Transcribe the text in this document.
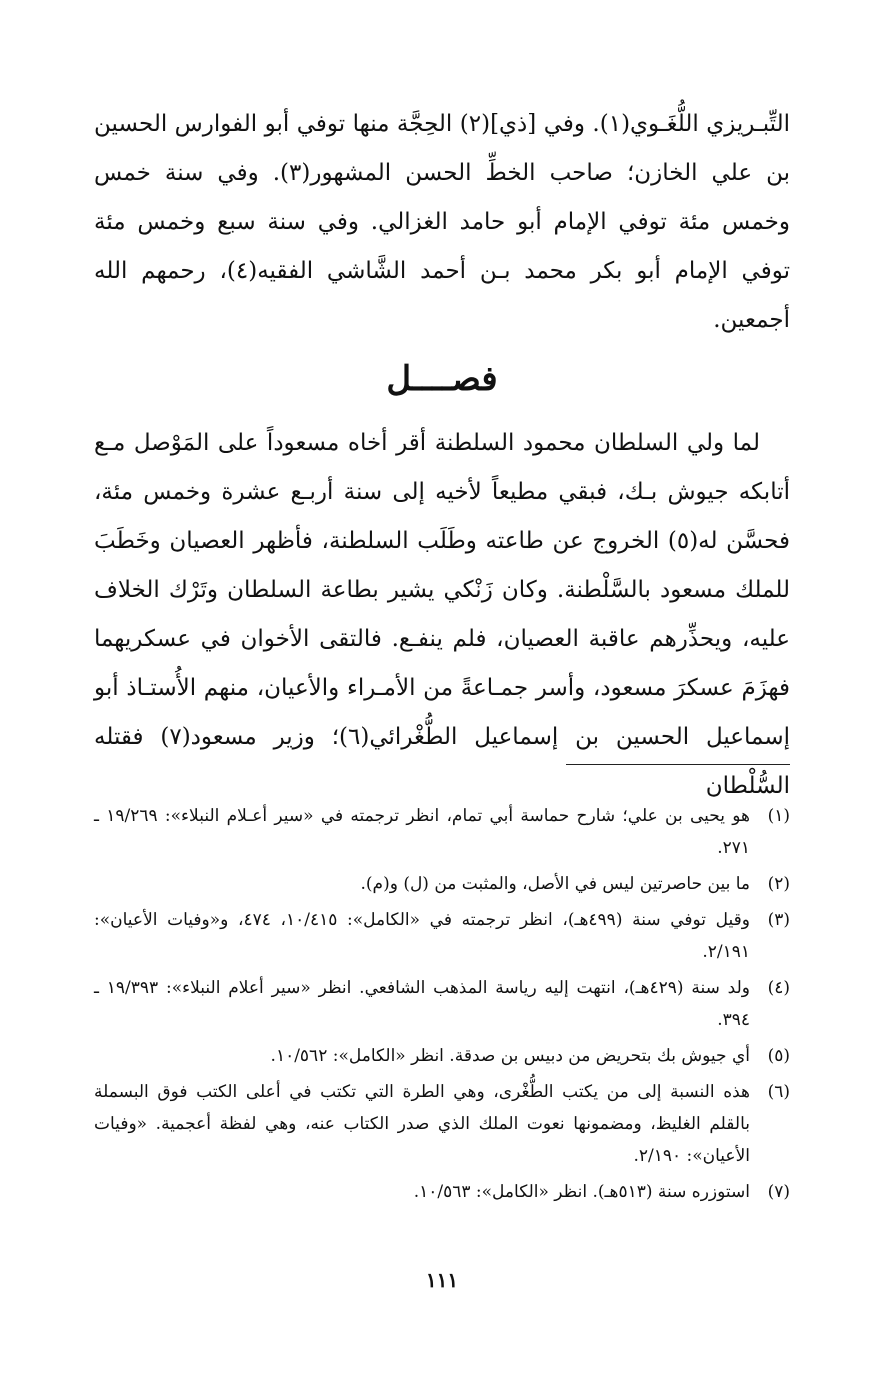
التِّبـريزي اللُّغَـوي(١). وفي [ذي](٢) الحِجَّة منها توفي أبو الفوارس الحسين بن علي الخازن؛ صاحب الخطِّ الحسن المشهور(٣). وفي سنة خمس وخمس مئة توفي الإمام أبو حامد الغزالي. وفي سنة سبع وخمس مئة توفي الإمام أبو بكر محمد بـن أحمد الشَّاشي الفقيه(٤)، رحمهم الله أجمعين.

فصــــل

لما ولي السلطان محمود السلطنة أقر أخاه مسعوداً على المَوْصل مـع أتابكه جيوش بـك، فبقي مطيعاً لأخيه إلى سنة أربـع عشرة وخمس مئة، فحسَّن له(٥) الخروج عن طاعته وطَلَب السلطنة، فأظهر العصيان وخَطَبَ للملك مسعود بالسَّلْطنة. وكان زَنْكي يشير بطاعة السلطان وتَرْك الخلاف عليه، ويحذِّرهم عاقبة العصيان، فلم ينفـع. فالتقى الأخوان في عسكريهما فهزَمَ عسكرَ مسعود، وأسر جمـاعةً من الأمـراء والأعيان، منهم الأُستـاذ أبو إسماعيل الحسين بن إسماعيل الطُّغْرائي(٦)؛ وزير مسعود(٧) فقتله السُّلْطان

(١)
هو يحيى بن علي؛ شارح حماسة أبي تمام، انظر ترجمته في «سير أعـلام النبلاء»: ١٩/٢٦٩ ـ ٢٧١.
(٢)
ما بين حاصرتين ليس في الأصل، والمثبت من (ل) و(م).
(٣)
وقيل توفي سنة (٤٩٩هـ)، انظر ترجمته في «الكامل»: ١٠/٤١٥، ٤٧٤، و«وفيات الأعيان»: ٢/١٩١.
(٤)
ولد سنة (٤٢٩هـ)، انتهت إليه رياسة المذهب الشافعي. انظر «سير أعلام النبلاء»: ١٩/٣٩٣ ـ ٣٩٤.
(٥)
أي جيوش بك بتحريض من دبيس بن صدقة. انظر «الكامل»: ١٠/٥٦٢.
(٦)
هذه النسبة إلى من يكتب الطُّغْرى، وهي الطرة التي تكتب في أعلى الكتب فوق البسملة بالقلم الغليظ، ومضمونها نعوت الملك الذي صدر الكتاب عنه، وهي لفظة أعجمية. «وفيات الأعيان»: ٢/١٩٠.
(٧)
استوزره سنة (٥١٣هـ). انظر «الكامل»: ١٠/٥٦٣.
١١١
